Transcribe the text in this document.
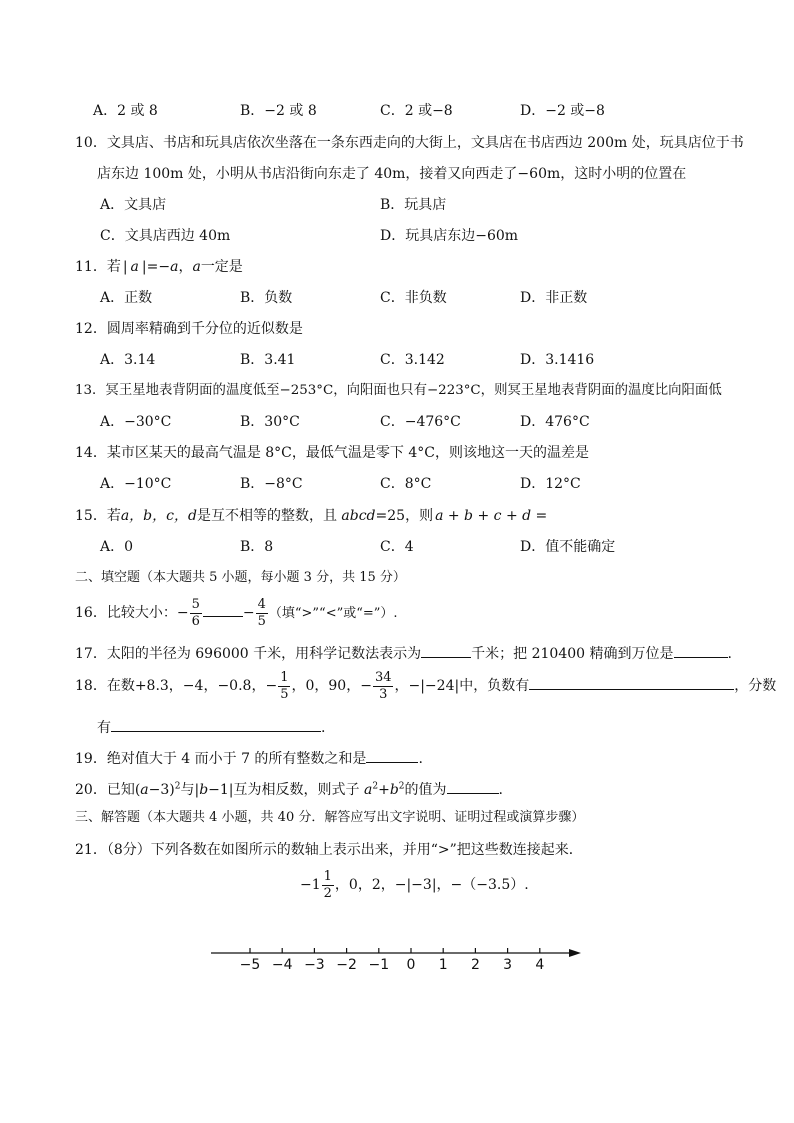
A．2 或 8	B．−2 或 8	C．2 或−8	D．−2 或−8
10．文具店、书店和玩具店依次坐落在一条东西走向的大街上，文具店在书店西边 200m 处，玩具店位于书
店东边 100m 处，小明从书店沿街向东走了 40m，接着又向西走了−60m，这时小明的位置在
A．文具店	B．玩具店
C．文具店西边 40m	D．玩具店东边−60m
11．若 | a |=−a，a一定是
A．正数	B．负数	C．非负数	D．非正数
12．圆周率精确到千分位的近似数是
A．3.14	B．3.41	C．3.142	D．3.1416
13．冥王星地表背阴面的温度低至−253°C，向阳面也只有−223°C，则冥王星地表背阴面的温度比向阳面低
A．−30°C	B．30°C	C．−476°C	D．476°C
14．某市区某天的最高气温是 8°C，最低气温是零下 4°C，则该地这一天的温差是
A．−10°C	B．−8°C	C．8°C	D．12°C
15．若a，b，c，d是互不相等的整数，且 abcd=25，则 a + b + c + d =
A．0	B．8	C．4	D．值不能确定
二、填空题（本大题共 5 小题，每小题 3 分，共 15 分）
16．比较大小：− $\frac{5}{6}$	− $\frac{4}{5}$ （填“>”“<”或“=”）.
17．太阳的半径为 696000 千米，用科学记数法表示为	千米；把 210400 精确到万位是	.
18．在数+8.3，−4，−0.8，− $\frac{1}{5}$ ，0，90，− $\frac{34}{3}$ ，−|−24|中，负数有	，分数
有	.
19．绝对值大于 4 而小于 7 的所有整数之和是	.
20．已知$(a-3)^2$与|b−1|互为相反数，则式子 $a^2+b^2$的值为	.
三、解答题（本大题共 4 小题，共 40 分．解答应写出文字说明、证明过程或演算步骤）
21．（8分）下列各数在如图所示的数轴上表示出来，并用“>”把这些数连接起来．
$-1 \frac{1}{2}$ ，0，2，−|−3|，−（−3.5）.
−5 −4 −3 −2 −1 0 1 2 3 4
